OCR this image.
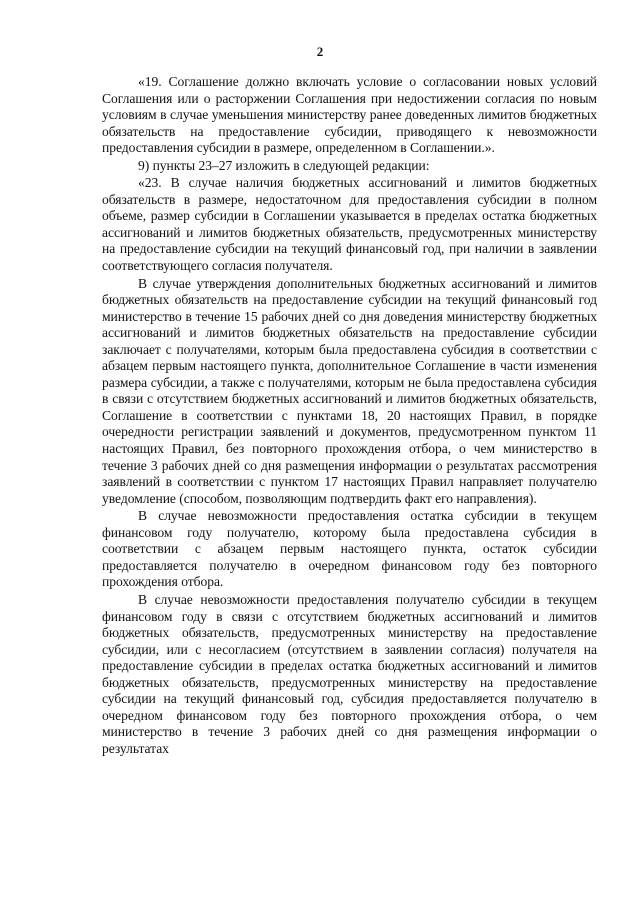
2

«19. Соглашение должно включать условие о согласовании новых условий Соглашения или о расторжении Соглашения при недостижении согласия по новым условиям в случае уменьшения министерству ранее доведенных лимитов бюджетных обязательств на предоставление субсидии, приводящего к невозможности предоставления субсидии в размере, определенном в Соглашении.».

9) пункты 23–27 изложить в следующей редакции:

«23. В случае наличия бюджетных ассигнований и лимитов бюджетных обязательств в размере, недостаточном для предоставления субсидии в полном объеме, размер субсидии в Соглашении указывается в пределах остатка бюджетных ассигнований и лимитов бюджетных обязательств, предусмотренных министерству на предоставление субсидии на текущий финансовый год, при наличии в заявлении соответствующего согласия получателя.

В случае утверждения дополнительных бюджетных ассигнований и лимитов бюджетных обязательств на предоставление субсидии на текущий финансовый год министерство в течение 15 рабочих дней со дня доведения министерству бюджетных ассигнований и лимитов бюджетных обязательств на предоставление субсидии заключает с получателями, которым была предоставлена субсидия в соответствии с абзацем первым настоящего пункта, дополнительное Соглашение в части изменения размера субсидии, а также с получателями, которым не была предоставлена субсидия в связи с отсутствием бюджетных ассигнований и лимитов бюджетных обязательств, Соглашение в соответствии с пунктами 18, 20 настоящих Правил, в порядке очередности регистрации заявлений и документов, предусмотренном пунктом 11 настоящих Правил, без повторного прохождения отбора, о чем министерство в течение 3 рабочих дней со дня размещения информации о результатах рассмотрения заявлений в соответствии с пунктом 17 настоящих Правил направляет получателю уведомление (способом, позволяющим подтвердить факт его направления).

В случае невозможности предоставления остатка субсидии в текущем финансовом году получателю, которому была предоставлена субсидия в соответствии с абзацем первым настоящего пункта, остаток субсидии предоставляется получателю в очередном финансовом году без повторного прохождения отбора.

В случае невозможности предоставления получателю субсидии в текущем финансовом году в связи с отсутствием бюджетных ассигнований и лимитов бюджетных обязательств, предусмотренных министерству на предоставление субсидии, или с несогласием (отсутствием в заявлении согласия) получателя на предоставление субсидии в пределах остатка бюджетных ассигнований и лимитов бюджетных обязательств, предусмотренных министерству на предоставление субсидии на текущий финансовый год, субсидия предоставляется получателю в очередном финансовом году без повторного прохождения отбора, о чем министерство в течение 3 рабочих дней со дня размещения информации о результатах
